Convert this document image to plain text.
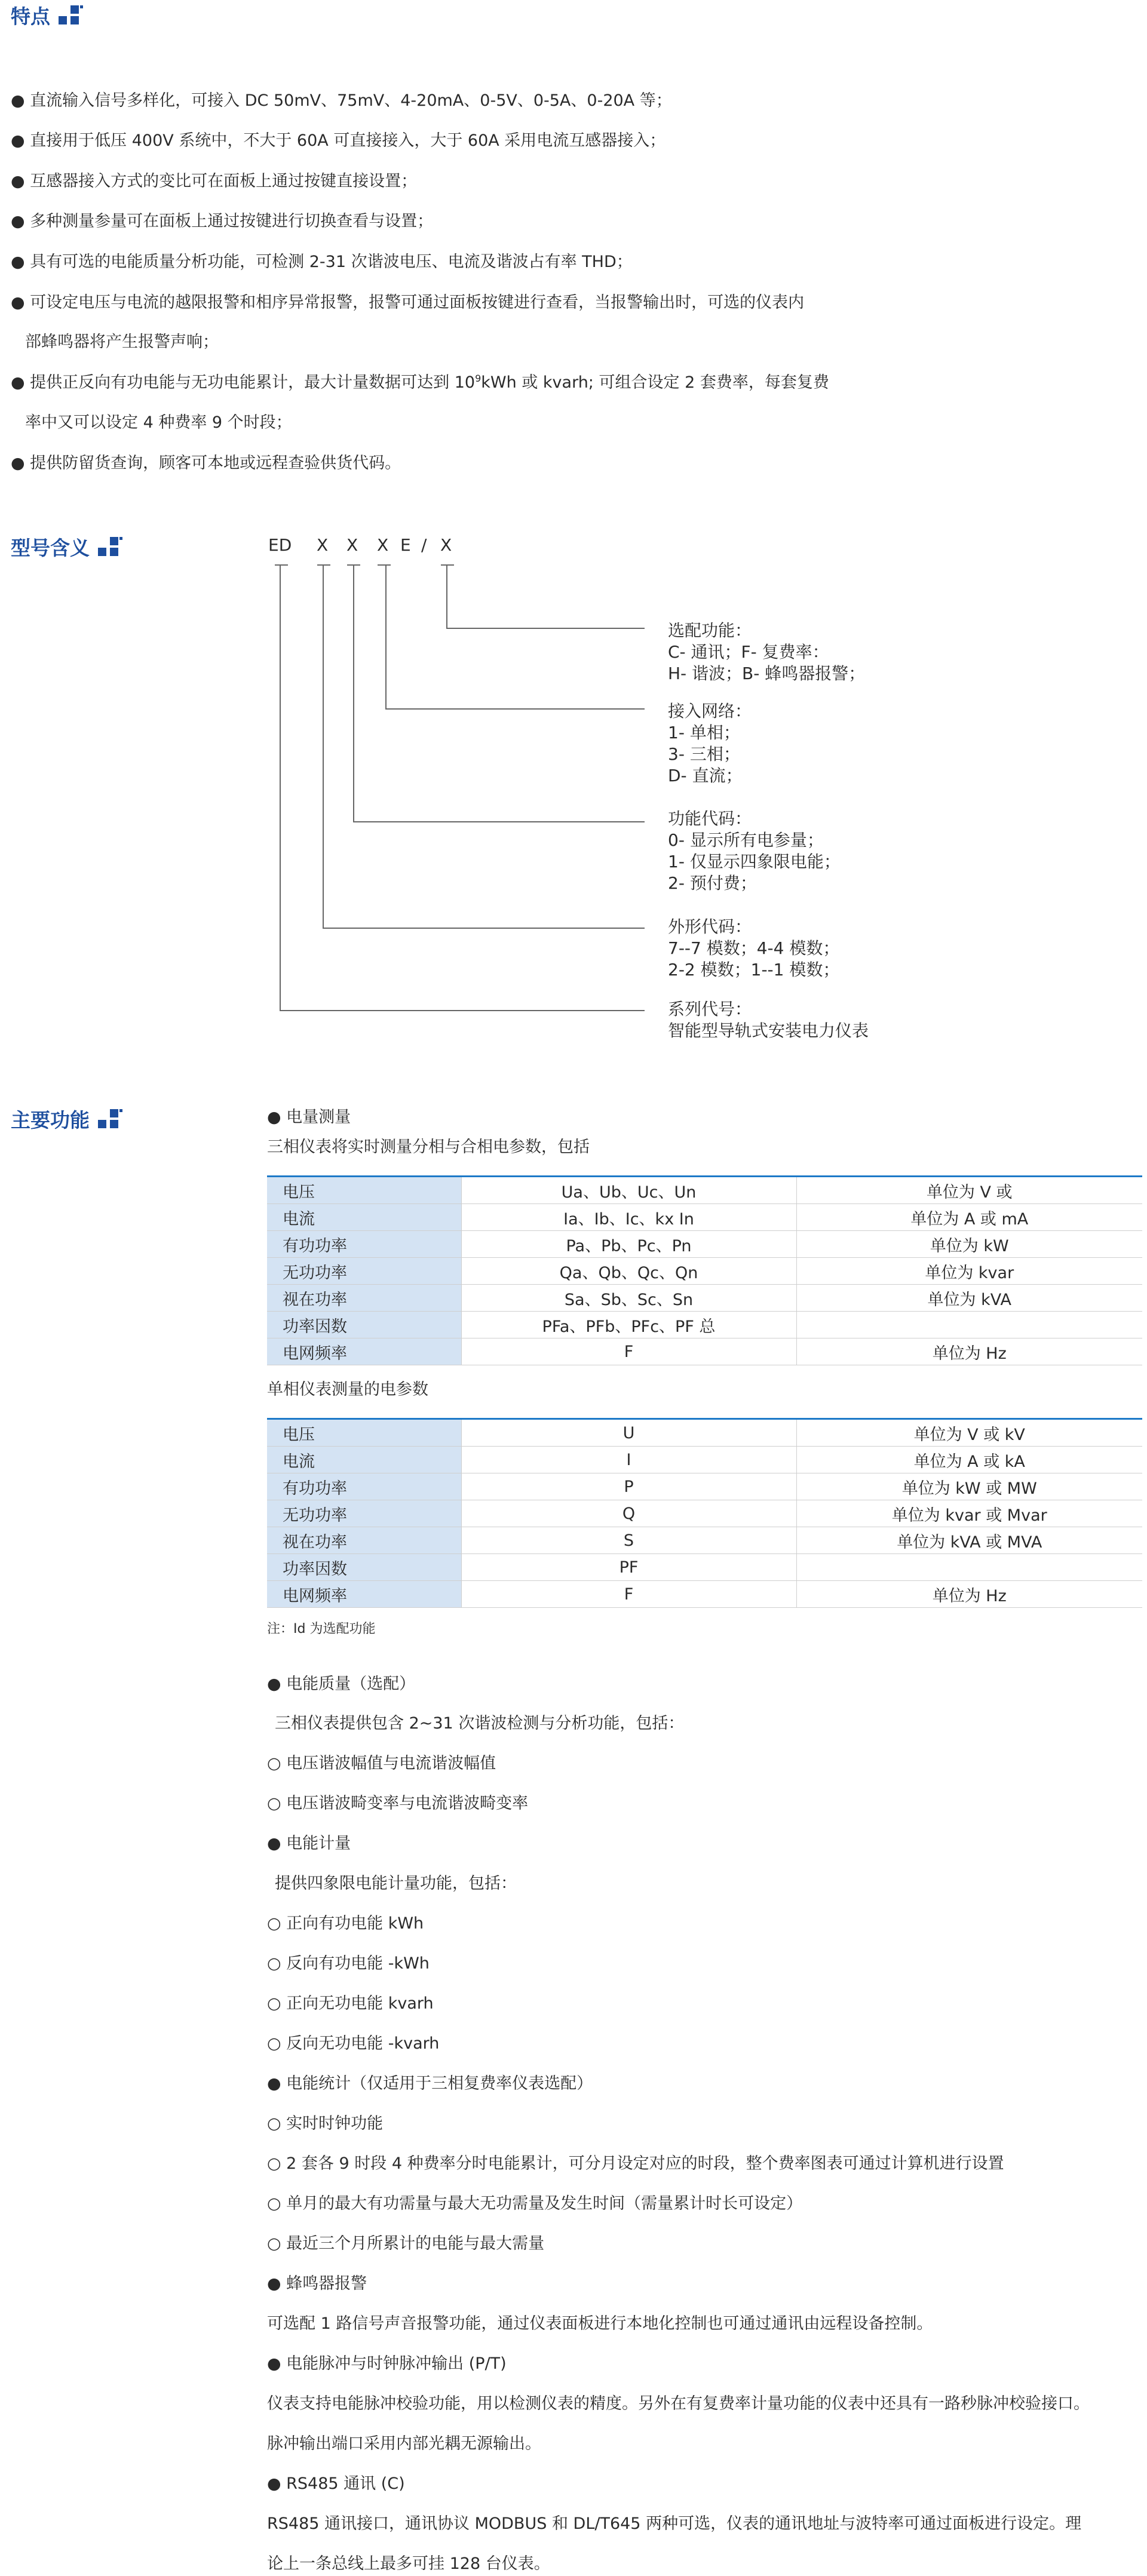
特点
● 直流输入信号多样化，可接入 DC 50mV、75mV、4-20mA、0-5V、0-5A、0-20A 等；
● 直接用于低压 400V 系统中，不大于 60A 可直接接入，大于 60A 采用电流互感器接入；
● 互感器接入方式的变比可在面板上通过按键直接设置；
● 多种测量参量可在面板上通过按键进行切换查看与设置；
● 具有可选的电能质量分析功能，可检测 2-31 次谐波电压、电流及谐波占有率 THD；
● 可设定电压与电流的越限报警和相序异常报警，报警可通过面板按键进行查看，当报警输出时，可选的仪表内
部蜂鸣器将产生报警声响；
● 提供正反向有功电能与无功电能累计，最大计量数据可达到 $10^9kWh$ 或 kvarh; 可组合设定 2 套费率，每套复费
率中又可以设定 4 种费率 9 个时段；
● 提供防留货查询，顾客可本地或远程查验供货代码。
型号含义	ED X X X E / X
选配功能：
C- 通讯；F- 复费率：
H- 谐波；B- 蜂鸣器报警；
接入网络：
1- 单相；
3- 三相；
D- 直流；
功能代码：
0- 显示所有电参量；
1- 仅显示四象限电能；
2- 预付费；
外形代码：
7--7 模数；4-4 模数；
2-2 模数；1--1 模数；
系列代号：
智能型导轨式安装电力仪表
主要功能	● 电量测量
三相仪表将实时测量分相与合相电参数，包括
电压	Ua、Ub、Uc、Un	单位为 V 或
电流	Ia、Ib、Ic、kx In	单位为 A 或 mA
有功功率	Pa、Pb、Pc、Pn	单位为 kW
无功功率	Qa、Qb、Qc、Qn	单位为 kvar
视在功率	Sa、Sb、Sc、Sn	单位为 kVA
功率因数	PFa、PFb、PFc、PF 总	
电网频率	F	单位为 Hz
单相仪表测量的电参数
电压	U	单位为 V 或 kV
电流	I	单位为 A 或 kA
有功功率	P	单位为 kW 或 MW
无功功率	Q	单位为 kvar 或 Mvar
视在功率	S	单位为 kVA 或 MVA
功率因数	PF	
电网频率	F	单位为 Hz
注：Id 为选配功能
● 电能质量（选配）
三相仪表提供包含 2~31 次谐波检测与分析功能，包括：
○ 电压谐波幅值与电流谐波幅值
○ 电压谐波畸变率与电流谐波畸变率
● 电能计量
提供四象限电能计量功能，包括：
○ 正向有功电能 kWh
○ 反向有功电能 -kWh
○ 正向无功电能 kvarh
○ 反向无功电能 -kvarh
● 电能统计（仅适用于三相复费率仪表选配）
○ 实时时钟功能
○ 2 套各 9 时段 4 种费率分时电能累计，可分月设定对应的时段，整个费率图表可通过计算机进行设置
○ 单月的最大有功需量与最大无功需量及发生时间（需量累计时长可设定）
○ 最近三个月所累计的电能与最大需量
● 蜂鸣器报警
可选配 1 路信号声音报警功能，通过仪表面板进行本地化控制也可通过通讯由远程设备控制。
● 电能脉冲与时钟脉冲输出 (P/T)
仪表支持电能脉冲校验功能，用以检测仪表的精度。另外在有复费率计量功能的仪表中还具有一路秒脉冲校验接口。
脉冲输出端口采用内部光耦无源输出。
● RS485 通讯 (C)
RS485 通讯接口，通讯协议 MODBUS 和 DL/T645 两种可选，仪表的通讯地址与波特率可通过面板进行设定。理
论上一条总线上最多可挂 128 台仪表。
